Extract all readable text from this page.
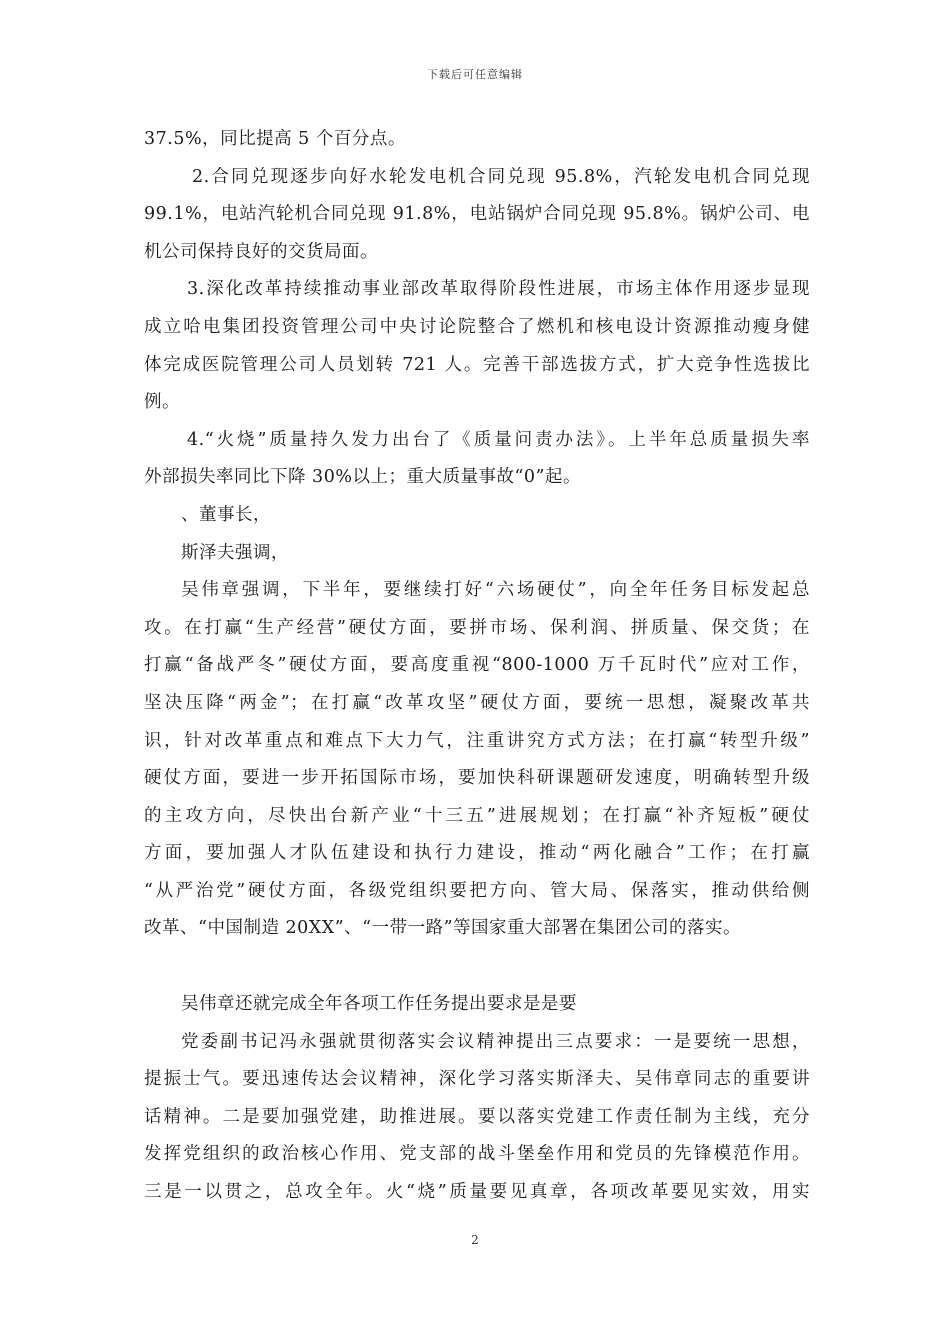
下载后可任意编辑
37.5%，同比提高 5 个百分点。
2.合同兑现逐步向好水轮发电机合同兑现 95.8%，汽轮发电机合同兑现
99.1%，电站汽轮机合同兑现 91.8%，电站锅炉合同兑现 95.8%。锅炉公司、电
机公司保持良好的交货局面。
3.深化改革持续推动事业部改革取得阶段性进展，市场主体作用逐步显现
成立哈电集团投资管理公司中央讨论院整合了燃机和核电设计资源推动瘦身健
体完成医院管理公司人员划转 721 人。完善干部选拔方式，扩大竞争性选拔比
例。
4.“火烧”质量持久发力出台了《质量问责办法》。上半年总质量损失率
外部损失率同比下降 30%以上；重大质量事故“0”起。
、董事长，
斯泽夫强调，
吴伟章强调，下半年，要继续打好“六场硬仗”，向全年任务目标发起总
攻。在打赢“生产经营”硬仗方面，要拼市场、保利润、拼质量、保交货；在
打赢“备战严冬”硬仗方面，要高度重视“800-1000 万千瓦时代”应对工作，
坚决压降“两金”；在打赢“改革攻坚”硬仗方面，要统一思想，凝聚改革共
识，针对改革重点和难点下大力气，注重讲究方式方法；在打赢“转型升级”
硬仗方面，要进一步开拓国际市场，要加快科研课题研发速度，明确转型升级
的主攻方向，尽快出台新产业“十三五”进展规划；在打赢“补齐短板”硬仗
方面，要加强人才队伍建设和执行力建设，推动“两化融合”工作；在打赢
“从严治党”硬仗方面，各级党组织要把方向、管大局、保落实，推动供给侧
改革、“中国制造 20XX”、“一带一路”等国家重大部署在集团公司的落实。
吴伟章还就完成全年各项工作任务提出要求是是要
党委副书记冯永强就贯彻落实会议精神提出三点要求：一是要统一思想，
提振士气。要迅速传达会议精神，深化学习落实斯泽夫、吴伟章同志的重要讲
话精神。二是要加强党建，助推进展。要以落实党建工作责任制为主线，充分
发挥党组织的政治核心作用、党支部的战斗堡垒作用和党员的先锋模范作用。
三是一以贯之，总攻全年。火“烧”质量要见真章，各项改革要见实效，用实
2
